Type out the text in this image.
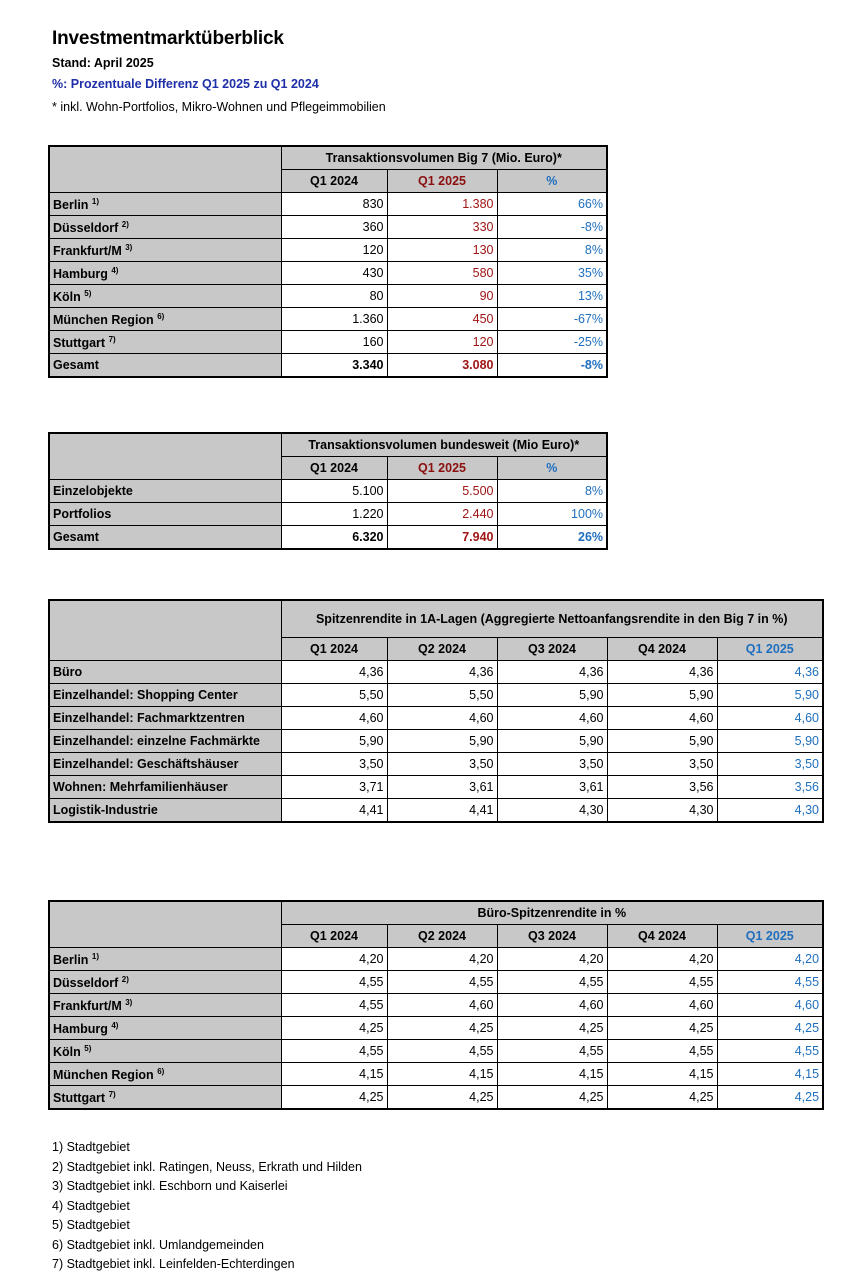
Investmentmarktüberblick
Stand: April 2025
%: Prozentuale Differenz Q1 2025 zu Q1 2024
* inkl. Wohn-Portfolios, Mikro-Wohnen und Pflegeimmobilien
	Transaktionsvolumen Big 7 (Mio. Euro)*		
	Q1 2024	Q1 2025	%
Berlin $^{1)}$	830	1.380	66%
Düsseldorf $^{2)}$	360	330	-8%
Frankfurt/M $^{3)}$	120	130	8%
Hamburg $^{4)}$	430	580	35%
Köln $^{5)}$	80	90	13%
München Region $^{6)}$	1.360	450	-67%
Stuttgart $^{7)}$	160	120	-25%
Gesamt	3.340	3.080	-8%
	Transaktionsvolumen bundesweit (Mio Euro)*		
	Q1 2024	Q1 2025	%
Einzelobjekte	5.100	5.500	8%
Portfolios	1.220	2.440	100%
Gesamt	6.320	7.940	26%
	Spitzenrendite in 1A-Lagen (Aggregierte Nettoanfangsrendite in den Big 7 in %)				
	Q1 2024	Q2 2024	Q3 2024	Q4 2024	Q1 2025
Büro	4,36	4,36	4,36	4,36	4,36
Einzelhandel: Shopping Center	5,50	5,50	5,90	5,90	5,90
Einzelhandel: Fachmarktzentren	4,60	4,60	4,60	4,60	4,60
Einzelhandel: einzelne Fachmärkte	5,90	5,90	5,90	5,90	5,90
Einzelhandel: Geschäftshäuser	3,50	3,50	3,50	3,50	3,50
Wohnen: Mehrfamilienhäuser	3,71	3,61	3,61	3,56	3,56
Logistik-Industrie	4,41	4,41	4,30	4,30	4,30
	Büro-Spitzenrendite in %				
	Q1 2024	Q2 2024	Q3 2024	Q4 2024	Q1 2025
Berlin $^{1)}$	4,20	4,20	4,20	4,20	4,20
Düsseldorf $^{2)}$	4,55	4,55	4,55	4,55	4,55
Frankfurt/M $^{3)}$	4,55	4,60	4,60	4,60	4,60
Hamburg $^{4)}$	4,25	4,25	4,25	4,25	4,25
Köln $^{5)}$	4,55	4,55	4,55	4,55	4,55
München Region $^{6)}$	4,15	4,15	4,15	4,15	4,15
Stuttgart $^{7)}$	4,25	4,25	4,25	4,25	4,25
1) Stadtgebiet
2) Stadtgebiet inkl. Ratingen, Neuss, Erkrath und Hilden
3) Stadtgebiet inkl. Eschborn und Kaiserlei
4) Stadtgebiet
5) Stadtgebiet
6) Stadtgebiet inkl. Umlandgemeinden
7) Stadtgebiet inkl. Leinfelden-Echterdingen
